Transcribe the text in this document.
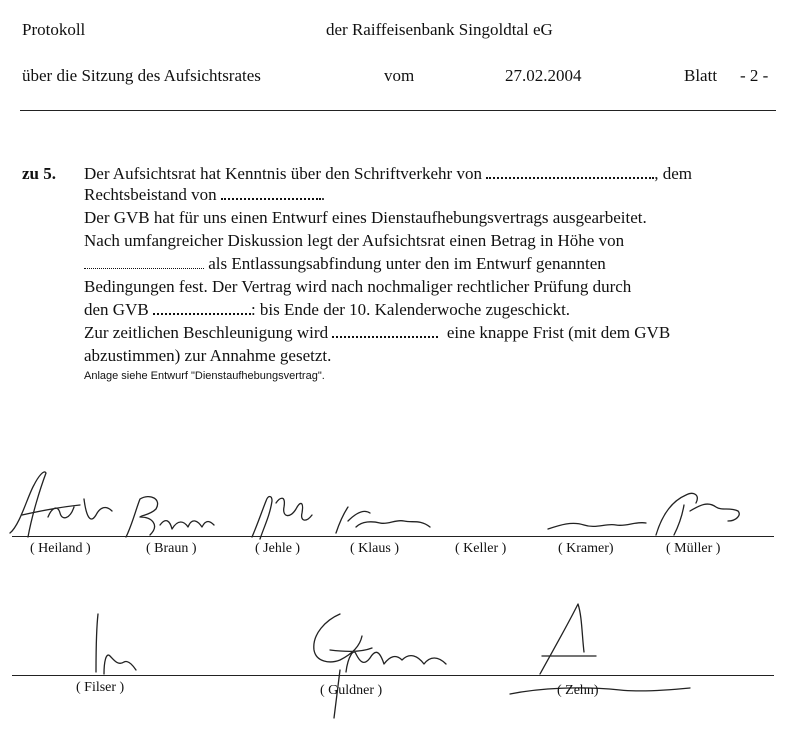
Protokoll	der Raiffeisenbank Singoldtal eG
über die Sitzung des Aufsichtsrates	vom	27.02.2004	Blatt - 2 -
zu 5. Der Aufsichtsrat hat Kenntnis über den Schriftverkehr von	, dem
Rechtsbeistand von	.
Der GVB hat für uns einen Entwurf eines Dienstaufhebungsvertrags ausgearbeitet.
Nach umfangreicher Diskussion legt der Aufsichtsrat einen Betrag in Höhe von
als Entlassungsabfindung unter den im Entwurf genannten
Bedingungen fest. Der Vertrag wird nach nochmaliger rechtlicher Prüfung durch
den GVB	: bis Ende der 10. Kalenderwoche zugeschickt.
Zur zeitlichen Beschleunigung wird	eine knappe Frist (mit dem GVB
abzustimmen) zur Annahme gesetzt.
Anlage siehe Entwurf "Dienstaufhebungsvertrag".
( Heiland )	( Braun )	( Jehle )	( Klaus )	( Keller )	( Kramer)	( Müller )
( Filser )	( Guldner )	( Zehn)
